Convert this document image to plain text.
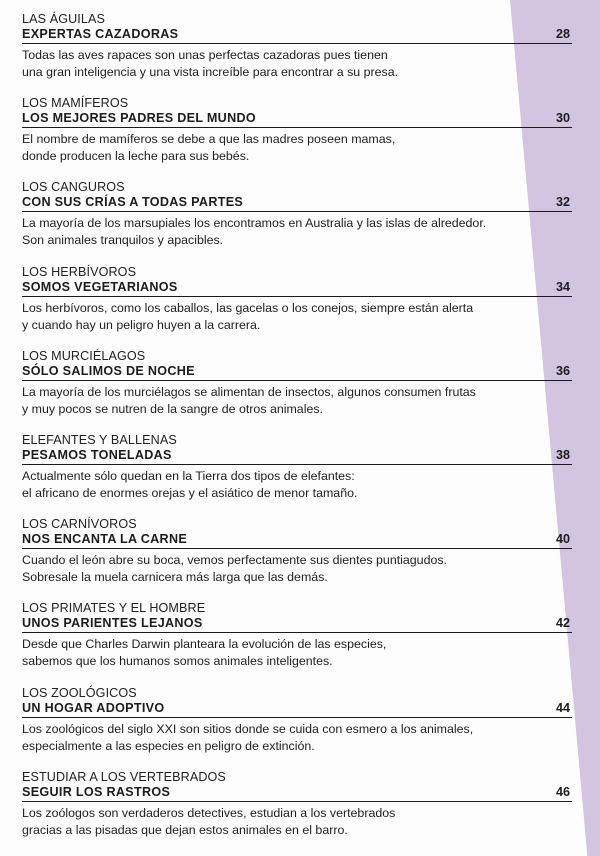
LAS ÁGUILAS
EXPERTAS CAZADORAS	28
Todas las aves rapaces son unas perfectas cazadoras pues tienen
una gran inteligencia y una vista increíble para encontrar a su presa.
LOS MAMÍFEROS
LOS MEJORES PADRES DEL MUNDO	30
El nombre de mamíferos se debe a que las madres poseen mamas,
donde producen la leche para sus bebés.
LOS CANGUROS
CON SUS CRÍAS A TODAS PARTES	32
La mayoría de los marsupiales los encontramos en Australia y las islas de alrededor.
Son animales tranquilos y apacibles.
LOS HERBÍVOROS
SOMOS VEGETARIANOS	34
Los herbívoros, como los caballos, las gacelas o los conejos, siempre están alerta
y cuando hay un peligro huyen a la carrera.
LOS MURCIÉLAGOS
SÓLO SALIMOS DE NOCHE	36
La mayoría de los murciélagos se alimentan de insectos, algunos consumen frutas
y muy pocos se nutren de la sangre de otros animales.
ELEFANTES Y BALLENAS
PESAMOS TONELADAS	38
Actualmente sólo quedan en la Tierra dos tipos de elefantes:
el africano de enormes orejas y el asiático de menor tamaño.
LOS CARNÍVOROS
NOS ENCANTA LA CARNE	40
Cuando el león abre su boca, vemos perfectamente sus dientes puntiagudos.
Sobresale la muela carnicera más larga que las demás.
LOS PRIMATES Y EL HOMBRE
UNOS PARIENTES LEJANOS	42
Desde que Charles Darwin planteara la evolución de las especies,
sabemos que los humanos somos animales inteligentes.
LOS ZOOLÓGICOS
UN HOGAR ADOPTIVO	44
Los zoológicos del siglo XXI son sitios donde se cuida con esmero a los animales,
especialmente a las especies en peligro de extinción.
ESTUDIAR A LOS VERTEBRADOS
SEGUIR LOS RASTROS	46
Los zoólogos son verdaderos detectives, estudian a los vertebrados
gracias a las pisadas que dejan estos animales en el barro.
